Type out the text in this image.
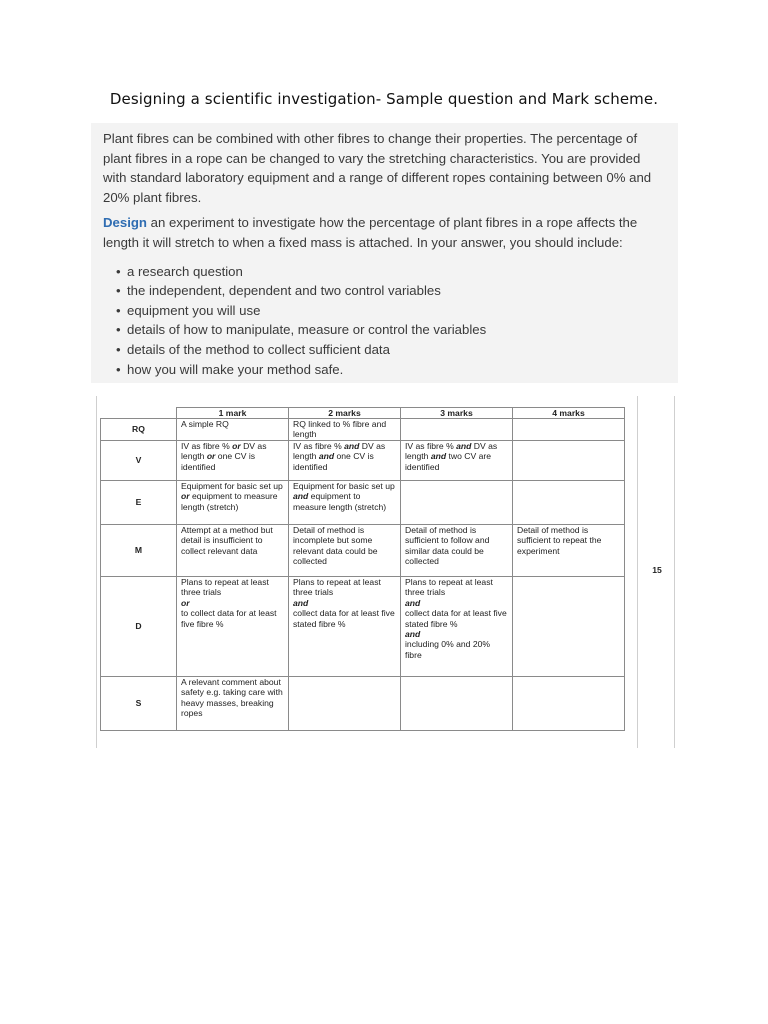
Designing a scientific investigation- Sample question and Mark scheme.

Plant fibres can be combined with other fibres to change their properties. The percentage of plant fibres in a rope can be changed to vary the stretching characteristics. You are provided with standard laboratory equipment and a range of different ropes containing between 0% and 20% plant fibres.

Design an experiment to investigate how the percentage of plant fibres in a rope affects the length it will stretch to when a fixed mass is attached. In your answer, you should include:

• a research question
• the independent, dependent and two control variables
• equipment you will use
• details of how to manipulate, measure or control the variables
• details of the method to collect sufficient data
• how you will make your method safe.
	1 mark	2 marks	3 marks	4 marks
RQ	A simple RQ	RQ linked to % fibre and length		
V	IV as fibre % or DV as length or one CV is identified	IV as fibre % and DV as length and one CV is identified	IV as fibre % and DV as length and two CV are identified	
E	Equipment for basic set up or equipment to measure length (stretch)	Equipment for basic set up and equipment to measure length (stretch)		
M	Attempt at a method but detail is insufficient to collect relevant data	Detail of method is incomplete but some relevant data could be collected	Detail of method is sufficient to follow and similar data could be collected	Detail of method is sufficient to repeat the experiment
D	Plans to repeat at least three trials
or
to collect data for at least five fibre %	Plans to repeat at least three trials
and
collect data for at least five stated fibre %	Plans to repeat at least three trials
and
collect data for at least five stated fibre %
and
including 0% and 20% fibre	

S	A relevant comment about safety e.g. taking care with heavy masses, breaking ropes			
15
